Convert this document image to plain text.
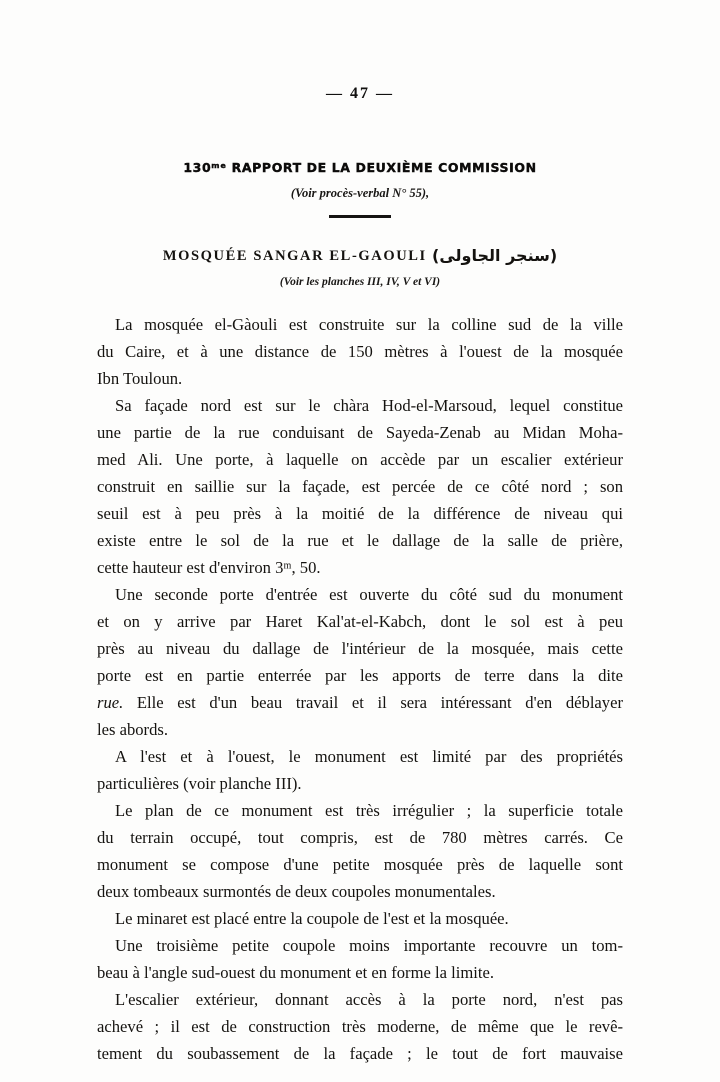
— 47 —
130ᵐᵉ RAPPORT DE LA DEUXIÈME COMMISSION
(Voir procès-verbal N° 55),
MOSQUÉE SANGAR EL-GAOULI (سنجر الجاولى)
(Voir les planches III, IV, V et VI)
La mosquée el-Gàouli est construite sur la colline sud de la ville
du Caire, et à une distance de 150 mètres à l'ouest de la mosquée
Ibn Touloun.
Sa façade nord est sur le chàra Hod-el-Marsoud, lequel constitue
une partie de la rue conduisant de Sayeda-Zenab au Midan Moha-
med Ali. Une porte, à laquelle on accède par un escalier extérieur
construit en saillie sur la façade, est percée de ce côté nord ; son
seuil est à peu près à la moitié de la différence de niveau qui
existe entre le sol de la rue et le dallage de la salle de prière,
cette hauteur est d'environ 3ᵐ, 50.
Une seconde porte d'entrée est ouverte du côté sud du monument
et on y arrive par Haret Kal'at-el-Kabch, dont le sol est à peu
près au niveau du dallage de l'intérieur de la mosquée, mais cette
porte est en partie enterrée par les apports de terre dans la dite
rue. Elle est d'un beau travail et il sera intéressant d'en déblayer
les abords.
A l'est et à l'ouest, le monument est limité par des propriétés
particulières (voir planche III).
Le plan de ce monument est très irrégulier ; la superficie totale
du terrain occupé, tout compris, est de 780 mètres carrés. Ce
monument se compose d'une petite mosquée près de laquelle sont
deux tombeaux surmontés de deux coupoles monumentales.
Le minaret est placé entre la coupole de l'est et la mosquée.
Une troisième petite coupole moins importante recouvre un tom-
beau à l'angle sud-ouest du monument et en forme la limite.
L'escalier extérieur, donnant accès à la porte nord, n'est pas
achevé ; il est de construction très moderne, de même que le revê-
tement du soubassement de la façade ; le tout de fort mauvaise
